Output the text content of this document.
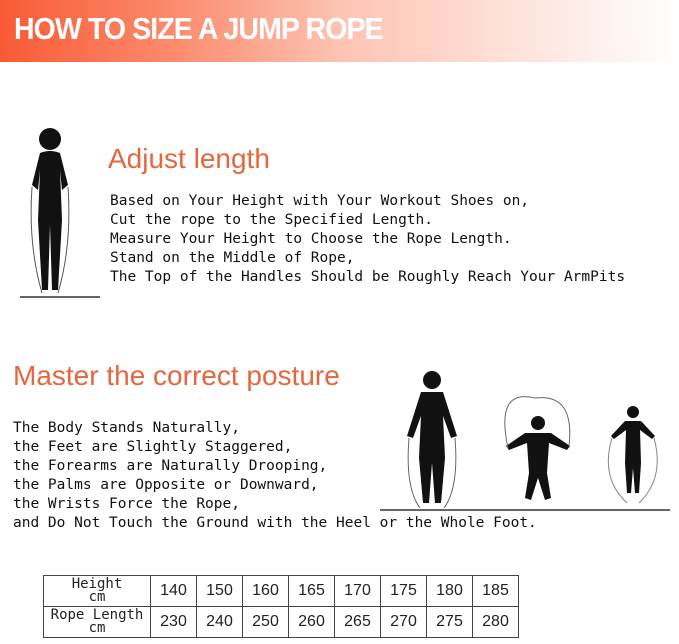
HOW TO SIZE A JUMP ROPE
Adjust length
Based on Your Height with Your Workout Shoes on,
Cut the rope to the Specified Length.
Measure Your Height to Choose the Rope Length.
Stand on the Middle of Rope,
The Top of the Handles Should be Roughly Reach Your ArmPits
Master the correct posture
The Body Stands Naturally,
the Feet are Slightly Staggered,
the Forearms are Naturally Drooping,
the Palms are Opposite or Downward,
the Wrists Force the Rope,
and Do Not Touch the Ground with the Heel or the Whole Foot.
Height
cm	140	150	160	165	170	175	180	185

Rope Length
cm	230	240	250	260	265	270	275	280
